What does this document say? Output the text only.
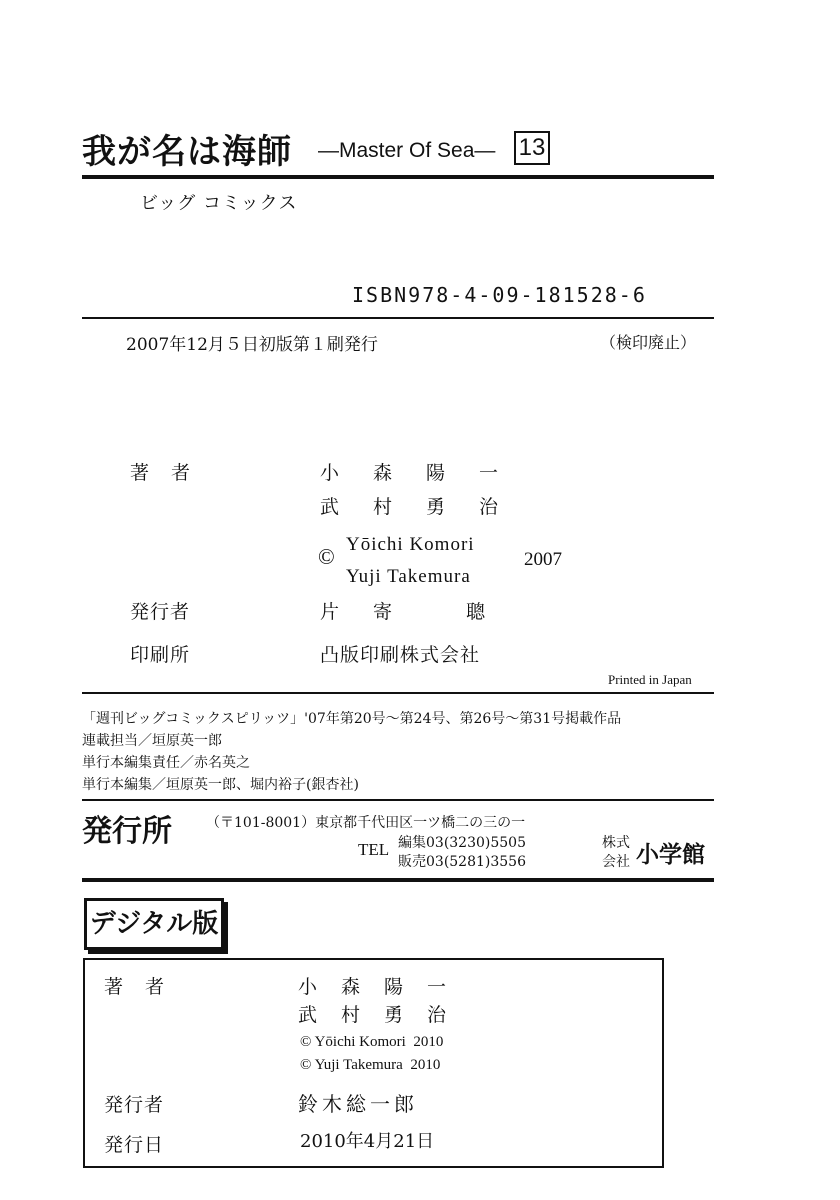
我が名は海師 —Master Of Sea— 13
ビッグ コミックス
ISBN978-4-09-181528-6
2007年12月５日初版第１刷発行	（検印廃止）
著 者	小森陽一
武村勇治
© Yōichi Komori
Yuji Takemura
2007
発行者	片寄 聰
印刷所	凸版印刷株式会社
Printed in Japan
「週刊ビッグコミックスピリッツ」'07年第20号～第24号、第26号～第31号掲載作品
連載担当／垣原英一郎
単行本編集責任／赤名英之
単行本編集／垣原英一郎、堀内裕子(銀杏社)
発行所 （〒101-8001）東京都千代田区一ツ橋二の三の一
TEL 編集03(3230)5505
販売03(5281)3556
株式
会社 小学館
デジタル版
著 者	小森陽一
武村勇治
© Yōichi Komori  2010
© Yuji Takemura  2010
発行者	鈴木総一郎
発行日	2010年4月21日
